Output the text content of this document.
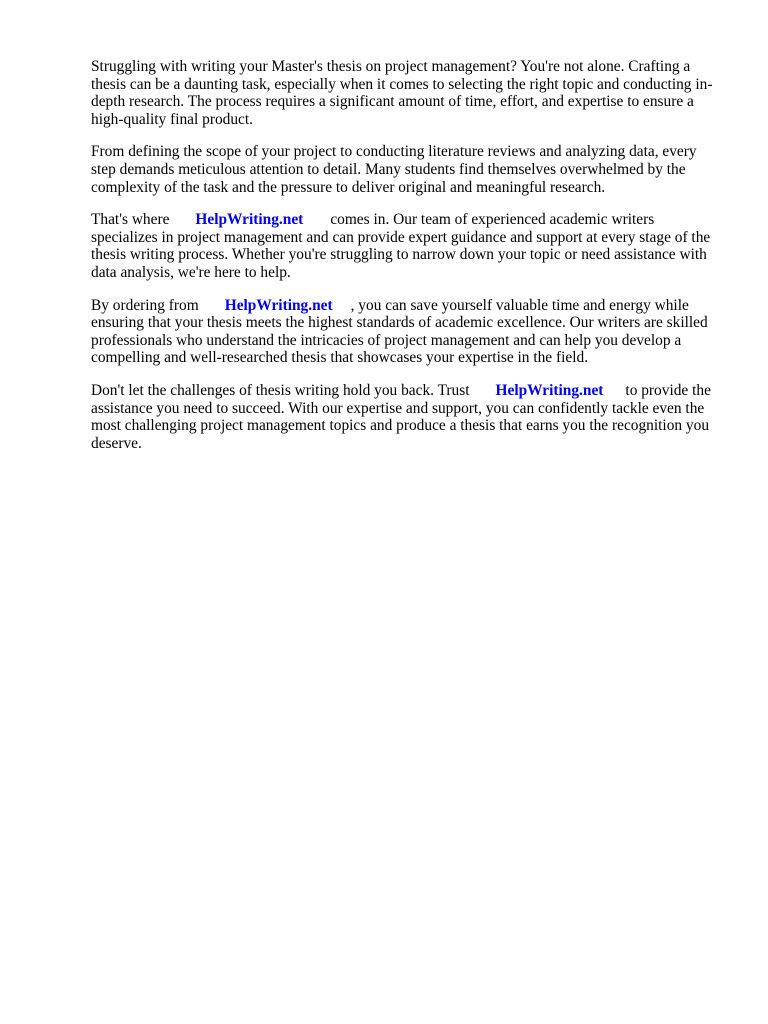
Struggling with writing your Master's thesis on project management? You're not alone. Crafting a thesis can be a daunting task, especially when it comes to selecting the right topic and conducting in-depth research. The process requires a significant amount of time, effort, and expertise to ensure a high-quality final product.

From defining the scope of your project to conducting literature reviews and analyzing data, every step demands meticulous attention to detail. Many students find themselves overwhelmed by the complexity of the task and the pressure to deliver original and meaningful research.

That's where HelpWriting.net comes in. Our team of experienced academic writers specializes in project management and can provide expert guidance and support at every stage of the thesis writing process. Whether you're struggling to narrow down your topic or need assistance with data analysis, we're here to help.

By ordering from HelpWriting.net , you can save yourself valuable time and energy while ensuring that your thesis meets the highest standards of academic excellence. Our writers are skilled professionals who understand the intricacies of project management and can help you develop a compelling and well-researched thesis that showcases your expertise in the field.

Don't let the challenges of thesis writing hold you back. Trust HelpWriting.net to provide the assistance you need to succeed. With our expertise and support, you can confidently tackle even the most challenging project management topics and produce a thesis that earns you the recognition you deserve.
